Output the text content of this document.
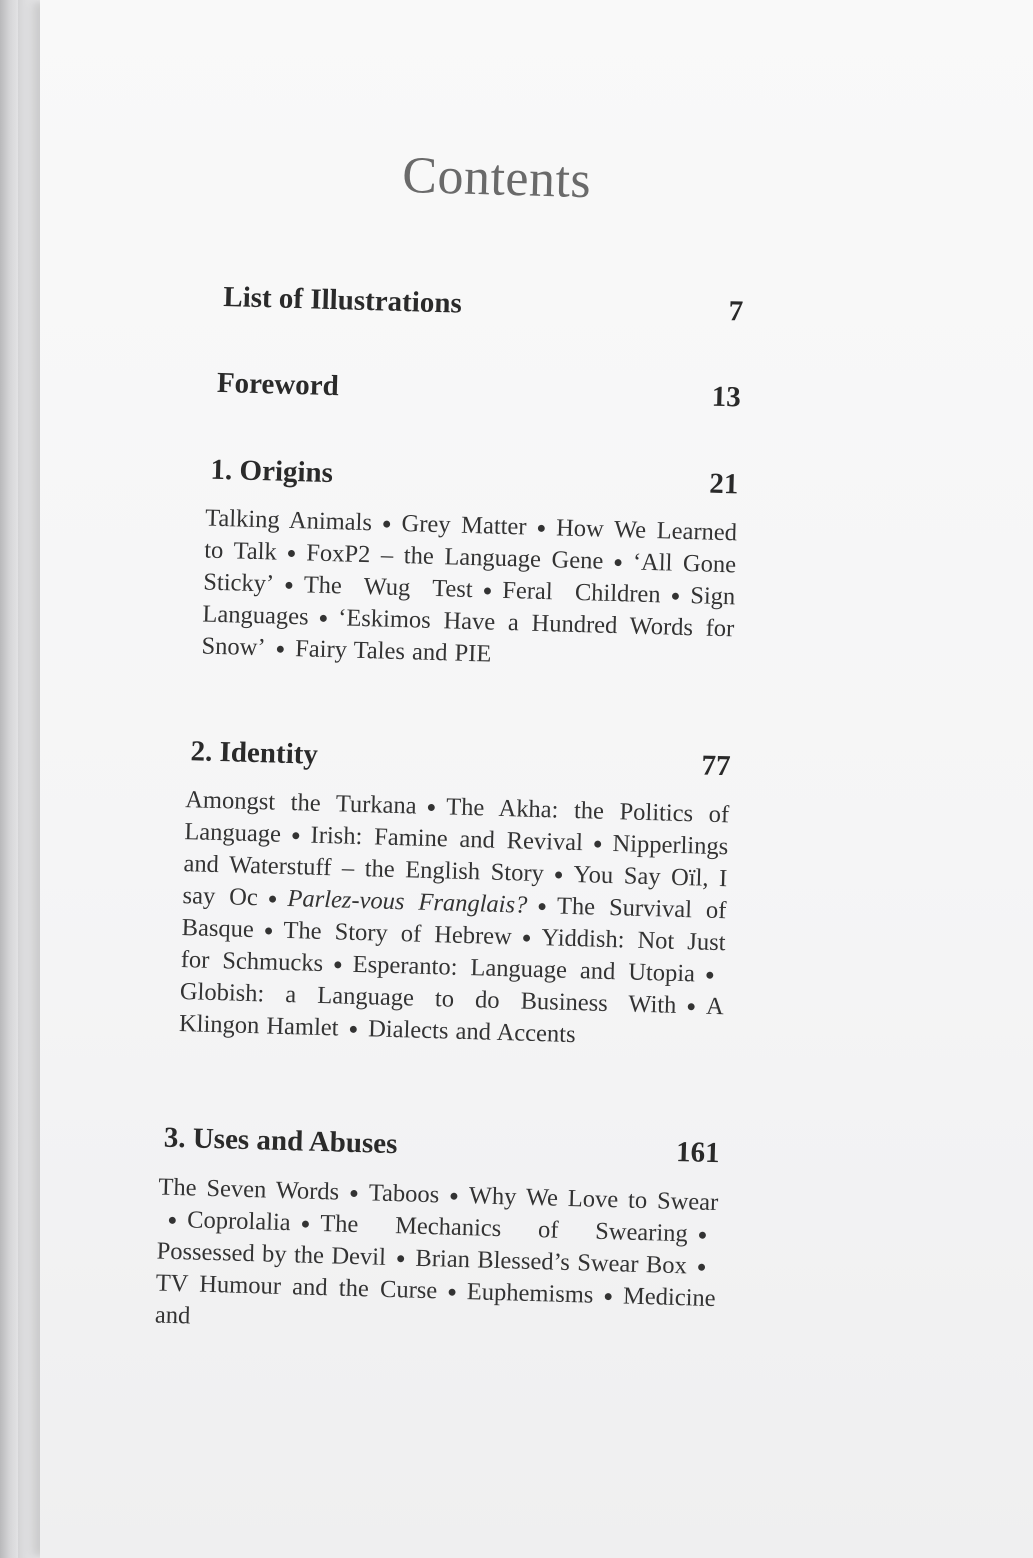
Contents
List of Illustrations	7
Foreword	13
1. Origins	21
Talking Animals ● Grey Matter ● How We Learned to Talk ● FoxP2 – the Language Gene ● ‘All Gone Sticky’ ● The Wug Test ● Feral Children ● Sign Languages ● ‘Eskimos Have a Hundred Words for Snow’ ● Fairy Tales and PIE
2. Identity	77
Amongst the Turkana ● The Akha: the Politics of Language ● Irish: Famine and Revival ● Nipperlings and Waterstuff – the English Story ● You Say Oïl, I say Oc ● Parlez-vous Franglais? ● The Survival of Basque ● The Story of Hebrew ● Yiddish: Not Just for Schmucks ● Esperanto: Language and Utopia ●Globish: a Language to do Business With ● A Klingon Hamlet ● Dialects and Accents
3. Uses and Abuses	161
The Seven Words ● Taboos ● Why We Love to Swear● Coprolalia ● The Mechanics of Swearing ●Possessed by the Devil ● Brian Blessed’s Swear Box ●TV Humour and the Curse ● Euphemisms ● Medicine and
